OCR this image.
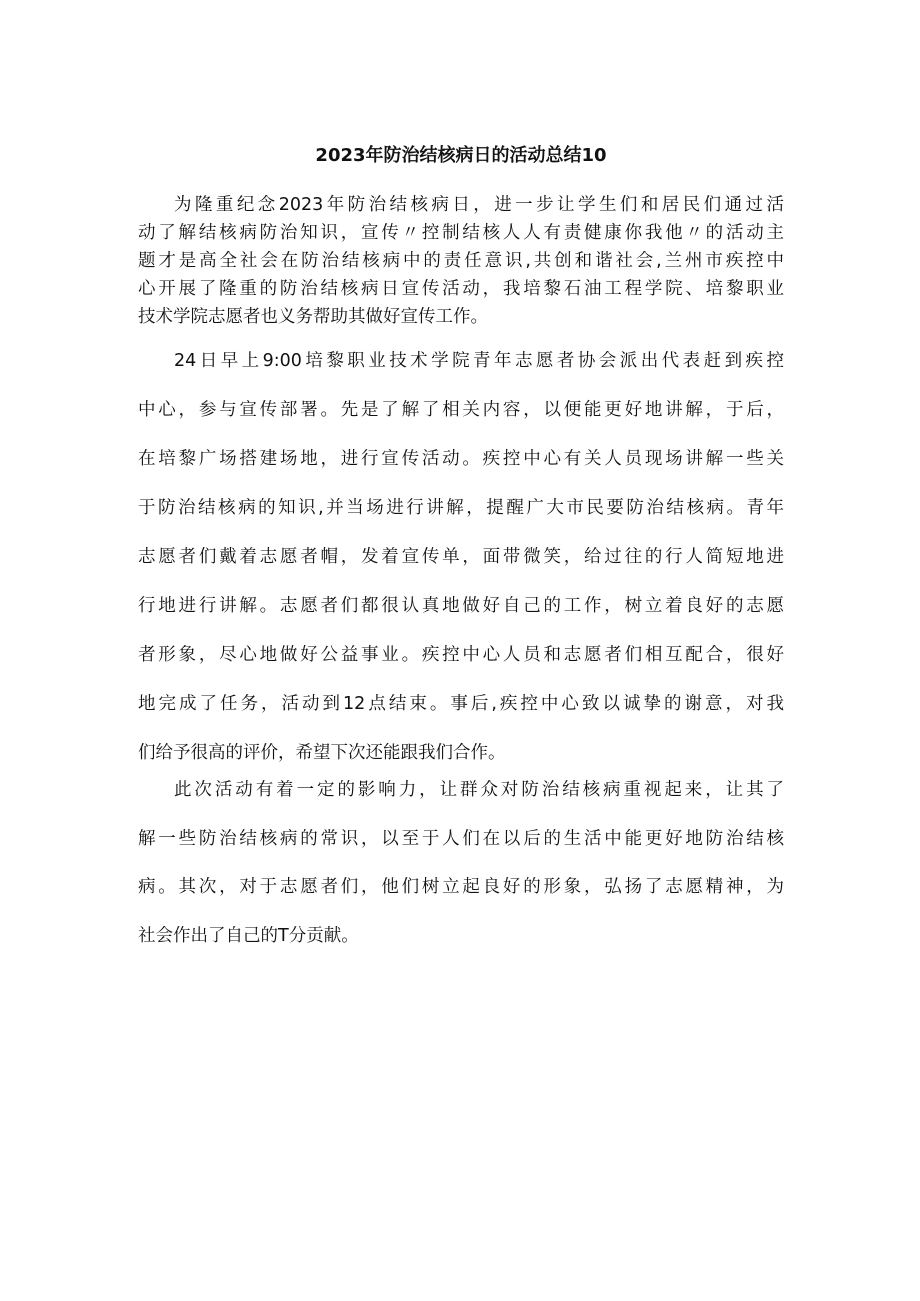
2023年防治结核病日的活动总结10

为隆重纪念2023年防治结核病日，进一步让学生们和居民们通过活
动了解结核病防治知识，宣传〃控制结核人人有责健康你我他〃的活动主
题才是高全社会在防治结核病中的责任意识,共创和谐社会,兰州市疾控中
心开展了隆重的防治结核病日宣传活动，我培黎石油工程学院、培黎职业
技术学院志愿者也义务帮助其做好宣传工作。

24日早上9:00培黎职业技术学院青年志愿者协会派出代表赶到疾控
中心，参与宣传部署。先是了解了相关内容，以便能更好地讲解，于后，
在培黎广场搭建场地，进行宣传活动。疾控中心有关人员现场讲解一些关
于防治结核病的知识,并当场进行讲解，提醒广大市民要防治结核病。青年
志愿者们戴着志愿者帽，发着宣传单，面带微笑，给过往的行人简短地进
行地进行讲解。志愿者们都很认真地做好自己的工作，树立着良好的志愿
者形象，尽心地做好公益事业。疾控中心人员和志愿者们相互配合，很好
地完成了任务，活动到12点结束。事后,疾控中心致以诚挚的谢意，对我
们给予很高的评价，希望下次还能跟我们合作。

此次活动有着一定的影响力，让群众对防治结核病重视起来，让其了
解一些防治结核病的常识，以至于人们在以后的生活中能更好地防治结核
病。其次，对于志愿者们，他们树立起良好的形象，弘扬了志愿精神，为
社会作出了自己的T分贡献。
